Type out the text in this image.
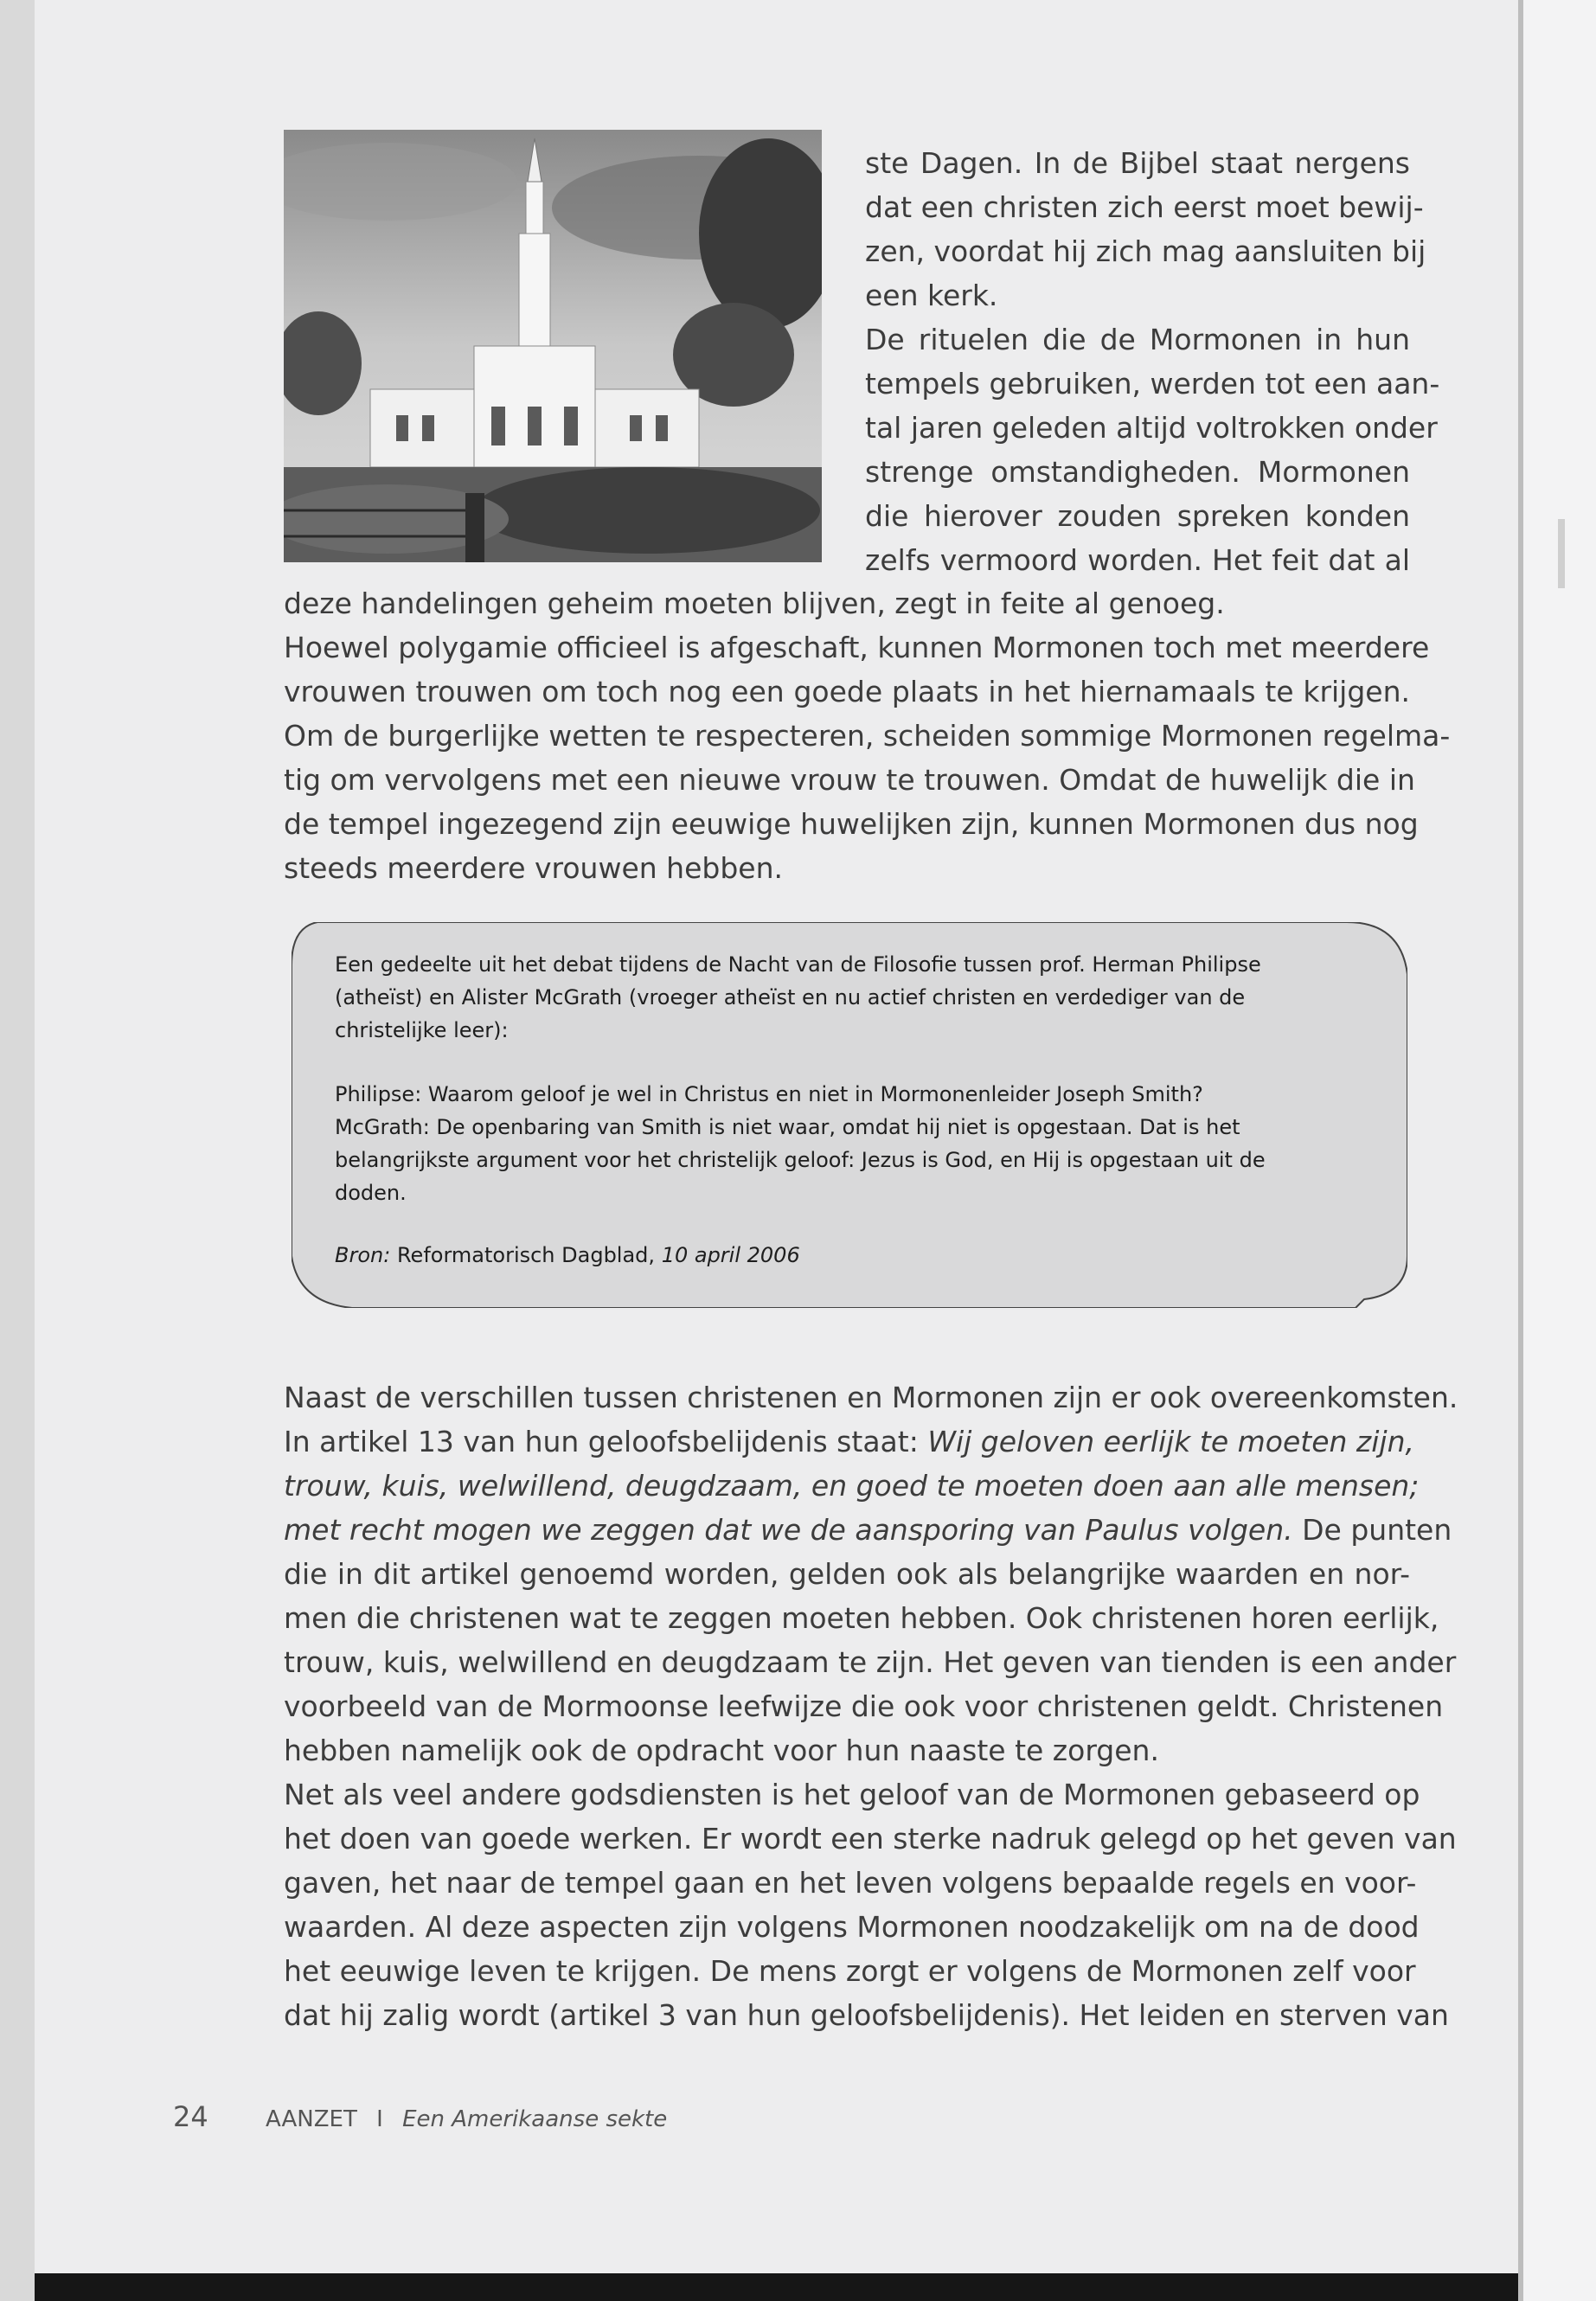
ste Dagen. In de Bijbel staat nergens
dat een christen zich eerst moet bewij-
zen, voordat hij zich mag aansluiten bij
een kerk.
De rituelen die de Mormonen in hun
tempels gebruiken, werden tot een aan-
tal jaren geleden altijd voltrokken onder
strenge omstandigheden. Mormonen
die hierover zouden spreken konden
zelfs vermoord worden. Het feit dat al
deze handelingen geheim moeten blijven, zegt in feite al genoeg.
Hoewel polygamie officieel is afgeschaft, kunnen Mormonen toch met meerdere
vrouwen trouwen om toch nog een goede plaats in het hiernamaals te krijgen.
Om de burgerlijke wetten te respecteren, scheiden sommige Mormonen regelma-
tig om vervolgens met een nieuwe vrouw te trouwen. Omdat de huwelijk die in
de tempel ingezegend zijn eeuwige huwelijken zijn, kunnen Mormonen dus nog
steeds meerdere vrouwen hebben.

Een gedeelte uit het debat tijdens de Nacht van de Filosofie tussen prof. Herman Philipse

(atheïst) en Alister McGrath (vroeger atheïst en nu actief christen en verdediger van de

christelijke leer):

Philipse: Waarom geloof je wel in Christus en niet in Mormonenleider Joseph Smith?

McGrath: De openbaring van Smith is niet waar, omdat hij niet is opgestaan. Dat is het

belangrijkste argument voor het christelijk geloof: Jezus is God, en Hij is opgestaan uit de

doden.

Bron: Reformatorisch Dagblad, 10 april 2006

Naast de verschillen tussen christenen en Mormonen zijn er ook overeenkomsten.
In artikel 13 van hun geloofsbelijdenis staat: Wij geloven eerlijk te moeten zijn,
trouw, kuis, welwillend, deugdzaam, en goed te moeten doen aan alle mensen;
met recht mogen we zeggen dat we de aansporing van Paulus volgen. De punten
die in dit artikel genoemd worden, gelden ook als belangrijke waarden en nor-
men die christenen wat te zeggen moeten hebben. Ook christenen horen eerlijk,
trouw, kuis, welwillend en deugdzaam te zijn. Het geven van tienden is een ander
voorbeeld van de Mormoonse leefwijze die ook voor christenen geldt. Christenen
hebben namelijk ook de opdracht voor hun naaste te zorgen.
Net als veel andere godsdiensten is het geloof van de Mormonen gebaseerd op
het doen van goede werken. Er wordt een sterke nadruk gelegd op het geven van
gaven, het naar de tempel gaan en het leven volgens bepaalde regels en voor-
waarden. Al deze aspecten zijn volgens Mormonen noodzakelijk om na de dood
het eeuwige leven te krijgen. De mens zorgt er volgens de Mormonen zelf voor
dat hij zalig wordt (artikel 3 van hun geloofsbelijdenis). Het leiden en sterven van
24	AANZET I Een Amerikaanse sekte
